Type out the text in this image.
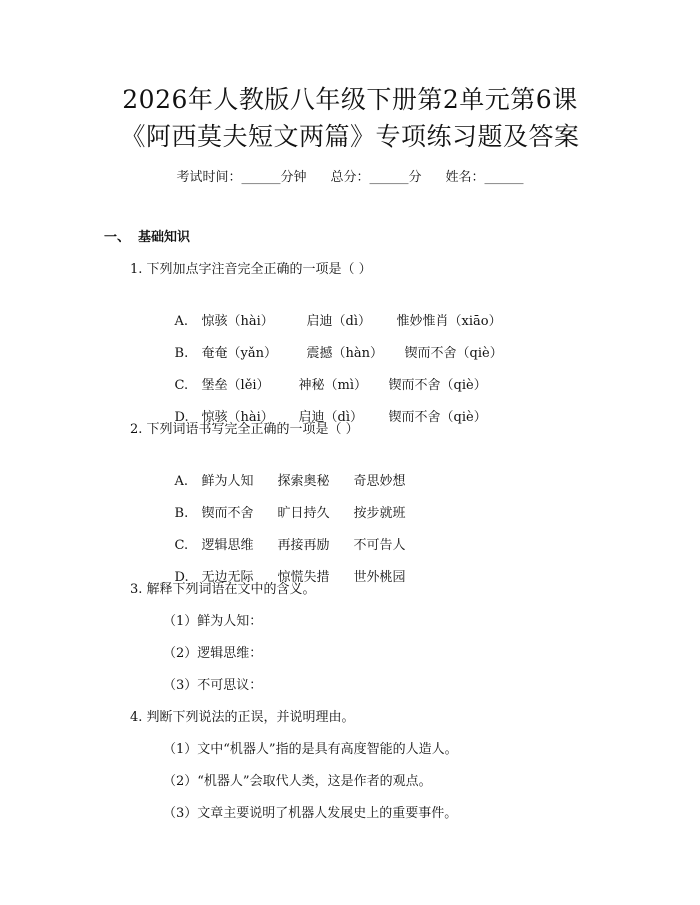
2026年人教版八年级下册第2单元第6课
《阿西莫夫短文两篇》专项练习题及答案
考试时间：______分钟 总分：______分 姓名：______
一、 基础知识
1. 下列加点字注音完全正确的一项是（ ）

A. 惊骇（hài）	启迪（dì） 惟妙惟肖（xiāo）

B. 奄奄（yǎn） 震撼（hàn） 锲而不舍（qiè）

C. 堡垒（lěi） 神秘（mì） 锲而不舍（qiè）

D. 惊骇（hài） 启迪（dì） 锲而不舍（qiè）

2. 下列词语书写完全正确的一项是（ ）

A. 鲜为人知 探索奥秘 奇思妙想

B. 锲而不舍 旷日持久 按步就班

C. 逻辑思维 再接再励 不可告人

D. 无边无际 惊慌失措 世外桃园

3. 解释下列词语在文中的含义。
（1）鲜为人知：
（2）逻辑思维：
（3）不可思议：
4. 判断下列说法的正误，并说明理由。
（1）文中“机器人”指的是具有高度智能的人造人。
（2）“机器人”会取代人类，这是作者的观点。
（3）文章主要说明了机器人发展史上的重要事件。
